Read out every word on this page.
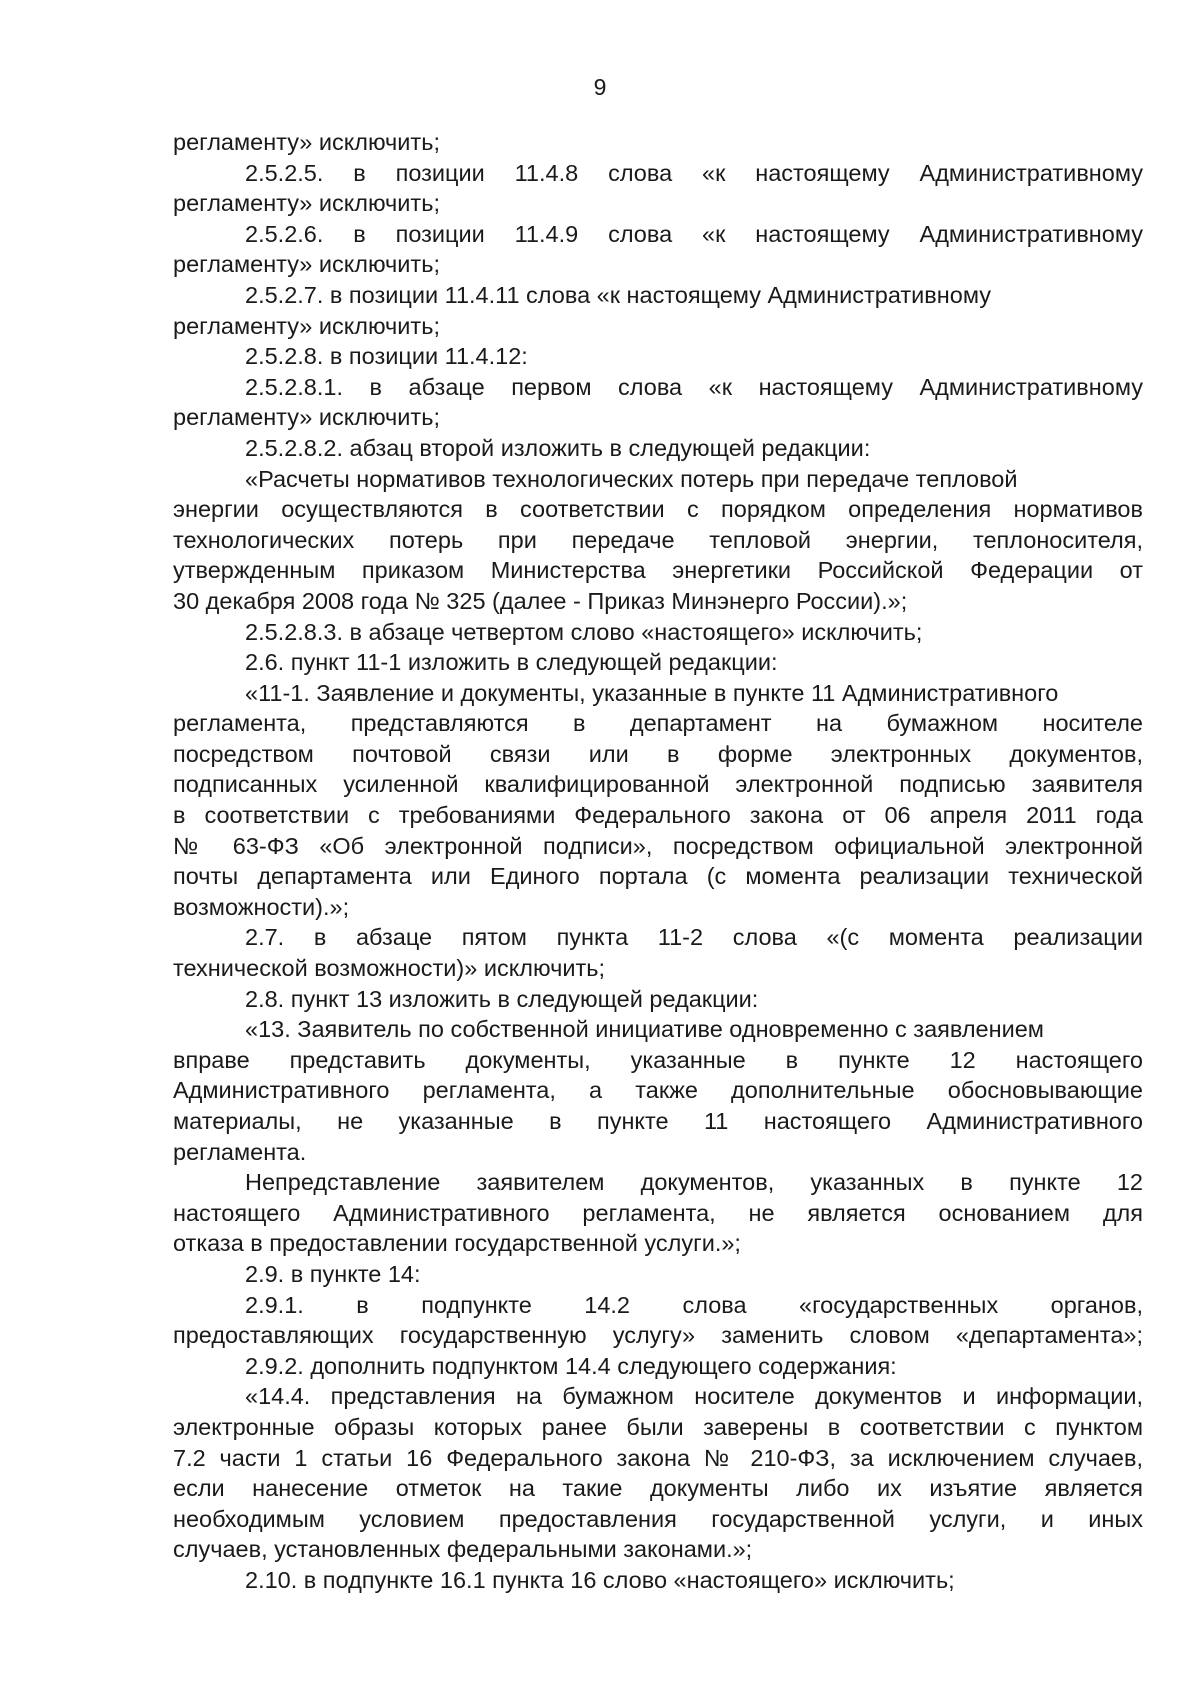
9

регламенту» исключить;

2.5.2.5. в позиции 11.4.8 слова «к настоящему Административному

регламенту» исключить;

2.5.2.6. в позиции 11.4.9 слова «к настоящему Административному

регламенту» исключить;

2.5.2.7. в позиции 11.4.11 слова «к настоящему Административному

регламенту» исключить;

2.5.2.8. в позиции 11.4.12:

2.5.2.8.1. в абзаце первом слова «к настоящему Административному

регламенту» исключить;

2.5.2.8.2. абзац второй изложить в следующей редакции:

«Расчеты нормативов технологических потерь при передаче тепловой

энергии осуществляются в соответствии с порядком определения нормативов

технологических потерь при передаче тепловой энергии, теплоносителя,

утвержденным приказом Министерства энергетики Российской Федерации от

30 декабря 2008 года № 325 (далее - Приказ Минэнерго России).»;

2.5.2.8.3. в абзаце четвертом слово «настоящего» исключить;

2.6. пункт 11-1 изложить в следующей редакции:

«11-1. Заявление и документы, указанные в пункте 11 Административного

регламента, представляются в департамент на бумажном носителе

посредством почтовой связи или в форме электронных документов,

подписанных усиленной квалифицированной электронной подписью заявителя

в соответствии с требованиями Федерального закона от 06 апреля 2011 года

№ 63-ФЗ «Об электронной подписи», посредством официальной электронной

почты департамента или Единого портала (с момента реализации технической

возможности).»;

2.7. в абзаце пятом пункта 11-2 слова «(с момента реализации

технической возможности)» исключить;

2.8. пункт 13 изложить в следующей редакции:

«13. Заявитель по собственной инициативе одновременно с заявлением

вправе представить документы, указанные в пункте 12 настоящего

Административного регламента, а также дополнительные обосновывающие

материалы, не указанные в пункте 11 настоящего Административного

регламента.

Непредставление заявителем документов, указанных в пункте 12

настоящего Административного регламента, не является основанием для

отказа в предоставлении государственной услуги.»;

2.9. в пункте 14:

2.9.1. в подпункте 14.2 слова «государственных органов,

предоставляющих государственную услугу» заменить словом «департамента»;

2.9.2. дополнить подпунктом 14.4 следующего содержания:

«14.4. представления на бумажном носителе документов и информации,

электронные образы которых ранее были заверены в соответствии с пунктом

7.2 части 1 статьи 16 Федерального закона № 210-ФЗ, за исключением случаев,

если нанесение отметок на такие документы либо их изъятие является

необходимым условием предоставления государственной услуги, и иных

случаев, установленных федеральными законами.»;

2.10. в подпункте 16.1 пункта 16 слово «настоящего» исключить;
